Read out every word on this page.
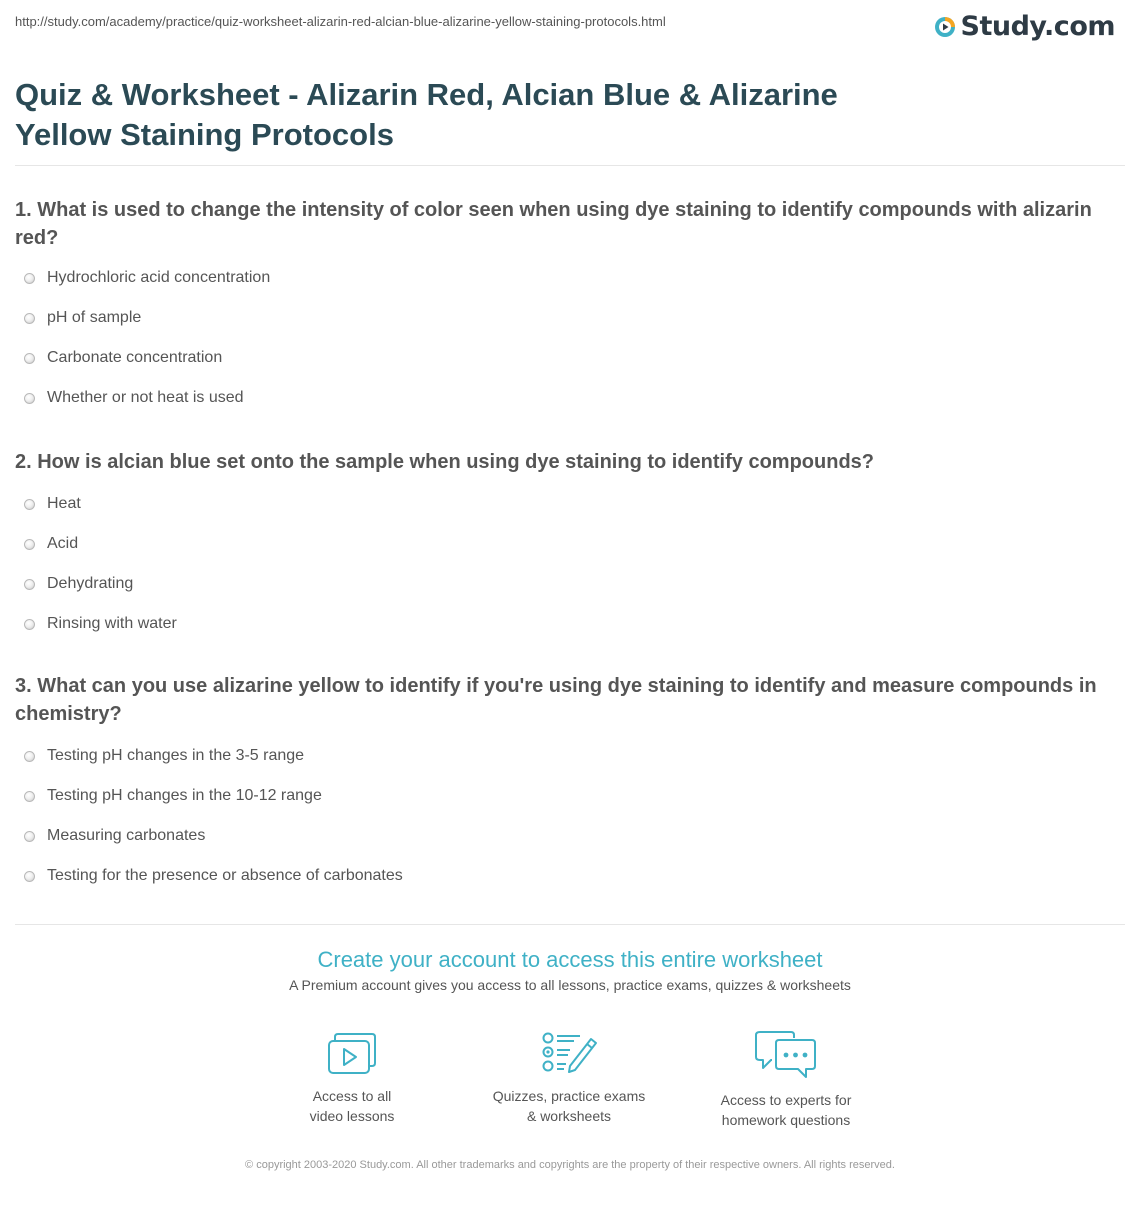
http://study.com/academy/practice/quiz-worksheet-alizarin-red-alcian-blue-alizarine-yellow-staining-protocols.html	Study.com
Quiz & Worksheet - Alizarin Red, Alcian Blue & Alizarine Yellow Staining Protocols

1. What is used to change the intensity of color seen when using dye staining to identify compounds with alizarin red?

Hydrochloric acid concentration
pH of sample
Carbonate concentration
Whether or not heat is used

2. How is alcian blue set onto the sample when using dye staining to identify compounds?

Heat
Acid
Dehydrating
Rinsing with water

3. What can you use alizarine yellow to identify if you're using dye staining to identify and measure compounds in chemistry?

Testing pH changes in the 3-5 range
Testing pH changes in the 10-12 range
Measuring carbonates
Testing for the presence or absence of carbonates

Create your account to access this entire worksheet

A Premium account gives you access to all lessons, practice exams, quizzes & worksheets

Access to all
video lessons
Quizzes, practice exams
& worksheets
Access to experts for
homework questions
© copyright 2003-2020 Study.com. All other trademarks and copyrights are the property of their respective owners. All rights reserved.
